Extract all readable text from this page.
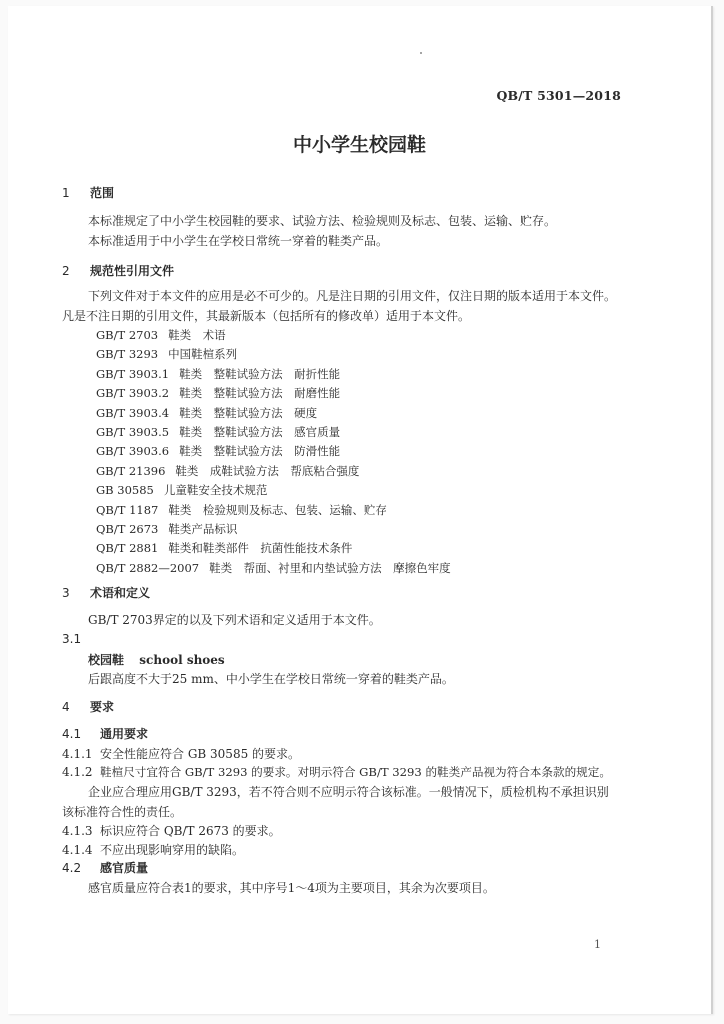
QB/T 5301—2018
中小学生校园鞋
1 范围
本标准规定了中小学生校园鞋的要求、试验方法、检验规则及标志、包装、运输、贮存。
本标准适用于中小学生在学校日常统一穿着的鞋类产品。
2 规范性引用文件
下列文件对于本文件的应用是必不可少的。凡是注日期的引用文件，仅注日期的版本适用于本文件。
凡是不注日期的引用文件，其最新版本（包括所有的修改单）适用于本文件。
GB/T 2703 鞋类　术语
GB/T 3293 中国鞋楦系列
GB/T 3903.1 鞋类　整鞋试验方法　耐折性能
GB/T 3903.2 鞋类　整鞋试验方法　耐磨性能
GB/T 3903.4 鞋类　整鞋试验方法　硬度
GB/T 3903.5 鞋类　整鞋试验方法　感官质量
GB/T 3903.6 鞋类　整鞋试验方法　防滑性能
GB/T 21396 鞋类　成鞋试验方法　帮底粘合强度
GB 30585 儿童鞋安全技术规范
QB/T 1187 鞋类　检验规则及标志、包装、运输、贮存
QB/T 2673 鞋类产品标识
QB/T 2881 鞋类和鞋类部件　抗菌性能技术条件
QB/T 2882—2007 鞋类　帮面、衬里和内垫试验方法　摩擦色牢度
3 术语和定义
GB/T 2703界定的以及下列术语和定义适用于本文件。
3.1
校园鞋 school shoes
后跟高度不大于25 mm、中小学生在学校日常统一穿着的鞋类产品。
4 要求
4.1 通用要求
4.1.1 安全性能应符合 GB 30585 的要求。
4.1.2 鞋楦尺寸宜符合 GB/T 3293 的要求。对明示符合 GB/T 3293 的鞋类产品视为符合本条款的规定。
企业应合理应用GB/T 3293，若不符合则不应明示符合该标准。一般情况下，质检机构不承担识别
该标准符合性的责任。
4.1.3 标识应符合 QB/T 2673 的要求。
4.1.4 不应出现影响穿用的缺陷。
4.2 感官质量
感官质量应符合表1的要求，其中序号1～4项为主要项目，其余为次要项目。
1
